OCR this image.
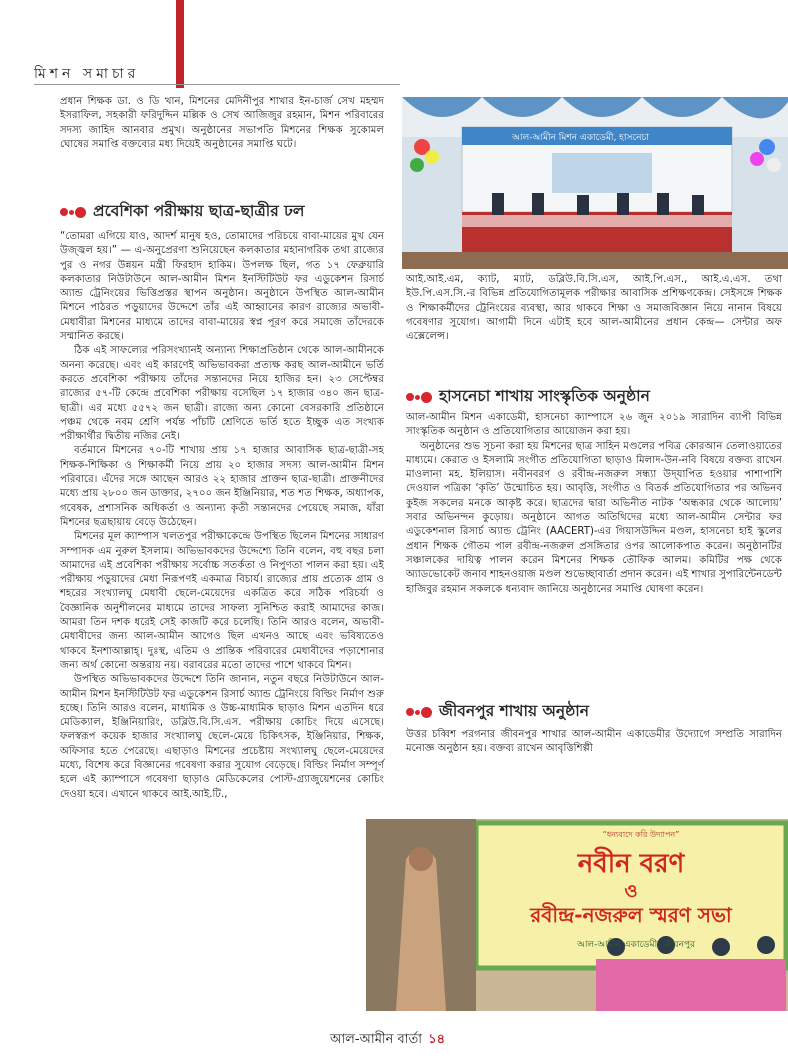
মিশন সমাচার

প্রধান শিক্ষক ডা. ও ডি খান, মিশনের মেদিনীপুর শাখার ইন-চার্জ সেখ মহম্মদ ইসরাফিল, সহকারী ফরিদুদ্দিন মল্লিক ও সেখ আজিজুর রহমান, মিশন পরিবারের সদস্য জাহিদ আনবার প্রমুখ। অনুষ্ঠানের সভাপতি মিশনের শিক্ষক সুকোমল ঘোষের সমাপ্তি বক্তব্যের মধ্য দিয়েই অনুষ্ঠানের সমাপ্তি ঘটে।

প্রবেশিকা পরীক্ষায় ছাত্র-ছাত্রীর ঢল

“তোমরা এগিয়ে যাও, আদর্শ মানুষ হও, তোমাদের পরিচয়ে বাবা-মায়ের মুখ যেন উজ্জ্বল হয়।” — এ-অনুপ্রেরণা শুনিয়েছেন কলকাতার মহানাগরিক তথা রাজ্যের পুর ও নগর উন্নয়ন মন্ত্রী ফিরহাদ হাকিম। উপলক্ষ ছিল, গত ১৭ ফেব্রুয়ারি কলকাতার নিউটাউনে আল-আমীন মিশন ইনস্টিটিউট ফর এডুকেশন রিসার্চ অ্যান্ড ট্রেনিংয়ের ভিত্তিপ্রস্তর স্থাপন অনুষ্ঠান। অনুষ্ঠানে উপস্থিত আল-আমীন মিশনে পাঠরত পড়ুয়াদের উদ্দেশে তাঁর এই আহ্বানের কারণ রাজ্যের অভাবী-মেধাবীরা মিশনের মাধ্যমে তাদের বাবা-মায়ের স্বপ্ন পূরণ করে সমাজে তাঁদেরকে সম্মানিত করছে।

ঠিক এই সাফল্যের পরিসংখ্যানই অন্যান্য শিক্ষাপ্রতিষ্ঠান থেকে আল-আমীনকে অনন্য করেছে। এবং এই কারণেই অভিভাবকরা প্রত্যক্ষ করছ আল-আমীনে ভর্তি করতে প্রবেশিকা পরীক্ষায় তাঁদের সন্তানদের নিয়ে হাজির হন। ২৩ সেপ্টেম্বর রাজ্যের ৫৭-টি কেন্দ্রে প্রবেশিকা পরীক্ষায় বসেছিল ১৭ হাজার ৩৪০ জন ছাত্র-ছাত্রী। এর মধ্যে ৫৫৭২ জন ছাত্রী। রাজ্যে অন্য কোনো বেসরকারি প্রতিষ্ঠানে পঞ্চম থেকে নবম শ্রেণি পর্যন্ত পাঁচটি শ্রেণিতে ভর্তি হতে ইচ্ছুক এত সংখ্যক পরীক্ষার্থীর দ্বিতীয় নজির নেই।

বর্তমানে মিশনের ৭০-টি শাখায় প্রায় ১৭ হাজার আবাসিক ছাত্র-ছাত্রী-সহ শিক্ষক-শিক্ষিকা ও শিক্ষাকর্মী নিয়ে প্রায় ২০ হাজার সদস্য আল-আমীন মিশন পরিবারে। এঁদের সঙ্গে আছেন আরও ২২ হাজার প্রাক্তন ছাত্র-ছাত্রী। প্রাক্তনীদের মধ্যে প্রায় ২৮০০ জন ডাক্তার, ২৭০০ জন ইঞ্জিনিয়ার, শত শত শিক্ষক, অধ্যাপক, গবেষক, প্রশাসনিক অধিকর্তা ও অন্যান্য কৃতী সন্তানদের পেয়েছে সমাজ, যাঁরা মিশনের ছত্রছায়ায় বেড়ে উঠেছেন।

মিশনের মূল ক্যাম্পাস খলতপুর পরীক্ষাকেন্দ্রে উপস্থিত ছিলেন মিশনের সাধারণ সম্পাদক এম নুরুল ইসলাম। অভিভাবকদের উদ্দেশ্যে তিনি বলেন, বহু বছর চলা আমাদের এই প্রবেশিকা পরীক্ষায় সর্বোচ্চ সতর্কতা ও নিপুণতা পালন করা হয়। এই পরীক্ষায় পড়ুয়াদের মেধা নিরূপণই একমাত্র বিচার্য। রাজ্যের প্রায় প্রত্যেক গ্রাম ও শহরের সংখ্যালঘু মেধাবী ছেলে-মেয়েদের একত্রিত করে সঠিক পরিচর্যা ও বৈজ্ঞানিক অনুশীলনের মাধ্যমে তাদের সাফল্য সুনিশ্চিত করাই আমাদের কাজ। আমরা তিন দশক ধরেই সেই কাজটি করে চলেছি। তিনি আরও বলেন, অভাবী-মেধাবীদের জন্য আল-আমীন আগেও ছিল এখনও আছে এবং ভবিষ্যতেও থাকবে ইনশাআল্লাহ্। দুঃস্থ, এতিম ও প্রান্তিক পরিবারের মেধাবীদের পড়াশোনার জন্য অর্থ কোনো অন্তরায় নয়। বরাবরের মতো তাদের পাশে থাকবে মিশন।

উপস্থিত অভিভাবকদের উদ্দেশে তিনি জানান, নতুন বছরে নিউটাউনে আল-আমীন মিশন ইনস্টিটিউট ফর এডুকেশন রিসার্চ অ্যান্ড ট্রেনিংয়ে বিল্ডিং নির্মাণ শুরু হচ্ছে। তিনি আরও বলেন, মাধ্যমিক ও উচ্চ-মাধ্যমিক ছাড়াও মিশন এতদিন ধরে মেডিক্যাল, ইঞ্জিনিয়ারিং, ডব্লিউ.বি.সি.এস. পরীক্ষায় কোচিং দিয়ে এসেছে। ফলস্বরূপ কয়েক হাজার সংখ্যালঘু ছেলে-মেয়ে চিকিৎসক, ইঞ্জিনিয়ার, শিক্ষক, অফিসার হতে পেরেছে। এছাড়াও মিশনের প্রচেষ্টায় সংখ্যালঘু ছেলে-মেয়েদের মধ্যে, বিশেষ করে বিজ্ঞানের গবেষণা করার সুযোগ বেড়েছে। বিল্ডিং নির্মাণ সম্পূর্ণ হলে এই ক্যাম্পাসে গবেষণা ছাড়াও মেডিকেলের পোস্ট-গ্র্যাজুয়েশনের কোচিং দেওয়া হবে। এখানে থাকবে আই.আই.টি.,

আল-আমীন মিশন একাডেমী, হাসনেচা

আই.আই.এম, ক্যাট, ম্যাট, ডব্লিউ.বি.সি.এস, আই.পি.এস., আই.এ.এস. তথা ইউ.পি.এস.সি.-র বিভিন্ন প্রতিযোগিতামূলক পরীক্ষার আবাসিক প্রশিক্ষণকেন্দ্র। সেইসঙ্গে শিক্ষক ও শিক্ষাকর্মীদের ট্রেনিংয়ের ব্যবস্থা, আর থাকবে শিক্ষা ও সমাজবিজ্ঞান নিয়ে নানান বিষয়ে গবেষণার সুযোগ। আগামী দিনে এটাই হবে আল-আমীনের প্রধান কেন্দ্র— সেন্টার অফ এক্সেলেন্স।

হাসনেচা শাখায় সাংস্কৃতিক অনুষ্ঠান

আল-আমীন মিশন একাডেমী, হাসনেচা ক্যাম্পাসে ২৬ জুন ২০১৯ সারাদিন ব্যাপী বিভিন্ন সাংস্কৃতিক অনুষ্ঠান ও প্রতিযোগিতার আয়োজন করা হয়।

অনুষ্ঠানের শুভ সূচনা করা হয় মিশনের ছাত্র সাহিন মণ্ডলের পবিত্র কোরআন তেলাওয়াতের মাধ্যমে। কেরাত ও ইসলামি সংগীত প্রতিযোগিতা ছাড়াও মিলাদ-উন-নবি বিষয়ে বক্তব্য রাখেন মাওলানা মহ. ইলিয়াস। নবীনবরণ ও রবীন্দ্র-নজরুল সন্ধ্যা উদ্‌যাপিত হওয়ার পাশাপাশি দেওয়াল পত্রিকা ‘কৃতি’ উন্মোচিত হয়। আবৃত্তি, সংগীত ও বিতর্ক প্রতিযোগিতার পর অভিনব কুইজ সকলের মনকে আকৃষ্ট করে। ছাত্রদের দ্বারা অভিনীত নাটক ‘অন্ধকার থেকে আলোয়’ সবার অভিনন্দন কুড়োয়। অনুষ্ঠানে আগত অতিথিদের মধ্যে আল-আমীন সেন্টার ফর এডুকেশনাল রিসার্চ অ্যান্ড ট্রেনিং (AACERT)-এর গিয়াসউদ্দিন মণ্ডল, হাসনেচা হাই স্কুলের প্রধান শিক্ষক গৌতম পাল রবীন্দ্র-নজরুল প্রসঙ্গিতার ওপর আলোকপাত করেন। অনুষ্ঠানটির সঞ্চালকের দায়িত্ব পালন করেন মিশনের শিক্ষক তৌফিক আলম। কমিটির পক্ষ থেকে অ্যাডভোকেট জনাব শাহনওয়াজ মণ্ডল শুভেচ্ছাবার্তা প্রদান করেন। এই শাখার সুপারিন্টেনডেন্ট হাজিবুর রহমান সকলকে ধন্যবাদ জানিয়ে অনুষ্ঠানের সমাপ্তি ঘোষণা করেন।

জীবনপুর শাখায় অনুষ্ঠান

উত্তর চব্বিশ পরগনার জীবনপুর শাখার আল-আমীন একাডেমীর উদ্যোগে সম্প্রতি সারাদিন মনোজ্ঞ অনুষ্ঠান হয়। বক্তব্য রাখেন আবৃত্তিশিল্পী

“ধন্যবাদে করি উদ্যাপন”
নবীন বরণ
ও
রবীন্দ্র-নজরুল স্মরণ সভা
আল-আমীন একাডেমী, জীবনপুর
আল-আমীন বার্তা ১৪
